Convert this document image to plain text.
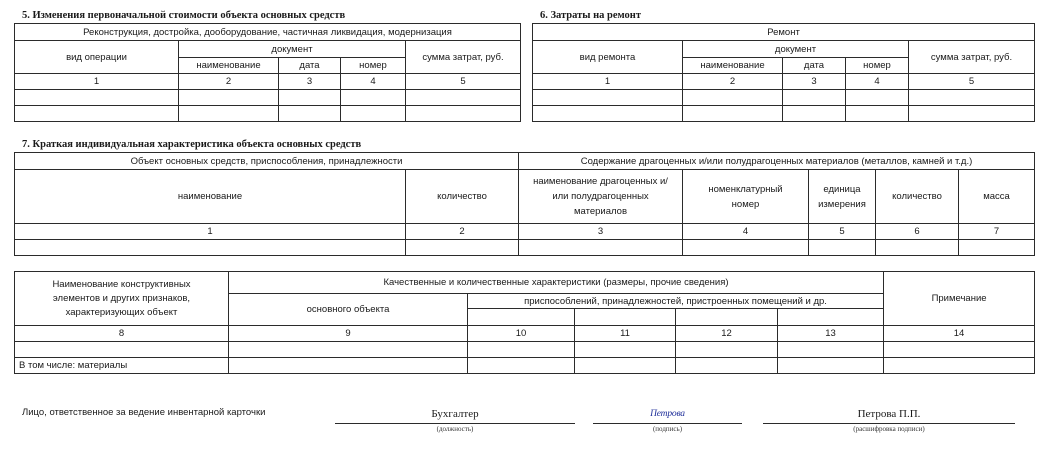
5. Изменения первоначальной стоимости объекта основных средств	6. Затраты на ремонт
Реконструкция, достройка, дооборудование, частичная ликвидация, модернизация				
вид операции	документ			сумма затрат, руб.
	наименование	дата	номер	
1	2	3	4	5

Ремонт				
вид ремонта	документ			сумма затрат, руб.
	наименование	дата	номер	
1	2	3	4	5

7. Краткая индивидуальная характеристика объекта основных средств
Объект основных средств, приспособления, принадлежности		Содержание драгоценных и/или полудрагоценных материалов (металлов, камней и т.д.)				
наименование	количество	наименование драгоценных и/или полудрагоценных материалов	номенклатурный номер	единица измерения	количество	масса
1	2	3	4	5	6	7

Наименование конструктивных элементов и других признаков, характеризующих объект	Качественные и количественные характеристики (размеры, прочие сведения)					Примечание
	основного объекта	приспособлений, принадлежностей, пристроенных помещений и др.				

8	9	10	11	12	13	14

В том числе: материалы						
Лицо, ответственное за ведение инвентарной карточки	Бухгалтер
(должность)
Петрова
(подпись)
Петрова П.П.
(расшифровка подписи)
